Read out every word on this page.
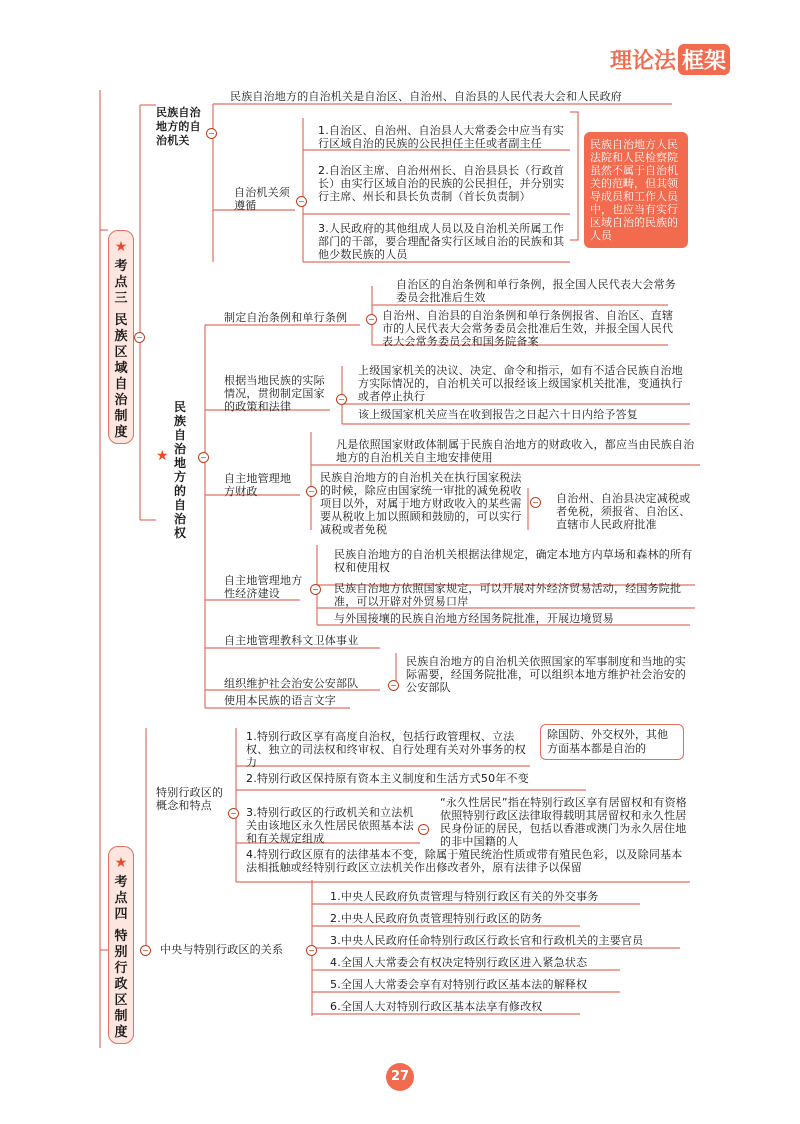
理论法 框架
★
考点三
民族区域自治制度
−
民族自治地方的自治机关
−
民族自治地方的自治机关是自治区、自治州、自治县的人民代表大会和人民政府
自治机关须遵循	−
1.自治区、自治州、自治县人大常委会中应当有实行区域自治的民族的公民担任主任或者副主任
2.自治区主席、自治州州长、自治县县长（行政首长）由实行区域自治的民族的公民担任，并分别实行主席、州长和县长负责制（首长负责制）
3.人民政府的其他组成人员以及自治机关所属工作部门的干部，要合理配备实行区域自治的民族和其他少数民族的人员
民族自治地方人民法院和人民检察院虽然不属于自治机关的范畴，但其领导成员和工作人员中，也应当有实行区域自治的民族的人员
★
民族自治地方的自治权
−
制定自治条例和单行条例	−
自治区的自治条例和单行条例，报全国人民代表大会常务委员会批准后生效
自治州、自治县的自治条例和单行条例报省、自治区、直辖市的人民代表大会常务委员会批准后生效，并报全国人民代表大会常务委员会和国务院备案
根据当地民族的实际情况，贯彻制定国家的政策和法律
−
上级国家机关的决议、决定、命令和指示，如有不适合民族自治地方实际情况的，自治机关可以报经该上级国家机关批准，变通执行或者停止执行
该上级国家机关应当在收到报告之日起六十日内给予答复
自主地管理地方财政	−
凡是依照国家财政体制属于民族自治地方的财政收入，都应当由民族自治地方的自治机关自主地安排使用
民族自治地方的自治机关在执行国家税法的时候，除应由国家统一审批的减免税收项目以外，对属于地方财政收入的某些需要从税收上加以照顾和鼓励的，可以实行减税或者免税
− 自治州、自治县决定减税或者免税，须报省、自治区、直辖市人民政府批准
自主地管理地方性经济建设	−
民族自治地方的自治机关根据法律规定，确定本地方内草场和森林的所有权和使用权
民族自治地方依照国家规定，可以开展对外经济贸易活动，经国务院批准，可以开辟对外贸易口岸
与外国接壤的民族自治地方经国务院批准，开展边境贸易
自主地管理教科文卫体事业
组织维护社会治安公安部队	−
民族自治地方的自治机关依照国家的军事制度和当地的实际需要，经国务院批准，可以组织本地方维护社会治安的公安部队
使用本民族的语言文字
★
考点四
特别行政区制度
−
特别行政区的概念和特点
−
1.特别行政区享有高度自治权，包括行政管理权、立法权、独立的司法权和终审权、自行处理有关对外事务的权力
除国防、外交权外，其他方面基本都是自治的
2.特别行政区保持原有资本主义制度和生活方式50年不变
3.特别行政区的行政机关和立法机关由该地区永久性居民依照基本法和有关规定组成
−
“永久性居民”指在特别行政区享有居留权和有资格依照特别行政区法律取得载明其居留权和永久性居民身份证的居民，包括以香港或澳门为永久居住地的非中国籍的人
4.特别行政区原有的法律基本不变，除属于殖民统治性质或带有殖民色彩，以及除同基本法相抵触或经特别行政区立法机关作出修改者外，原有法律予以保留
中央与特别行政区的关系	−
1.中央人民政府负责管理与特别行政区有关的外交事务
2.中央人民政府负责管理特别行政区的防务
3.中央人民政府任命特别行政区行政长官和行政机关的主要官员
4.全国人大常委会有权决定特别行政区进入紧急状态
5.全国人大常委会享有对特别行政区基本法的解释权
6.全国人大对特别行政区基本法享有修改权
27
